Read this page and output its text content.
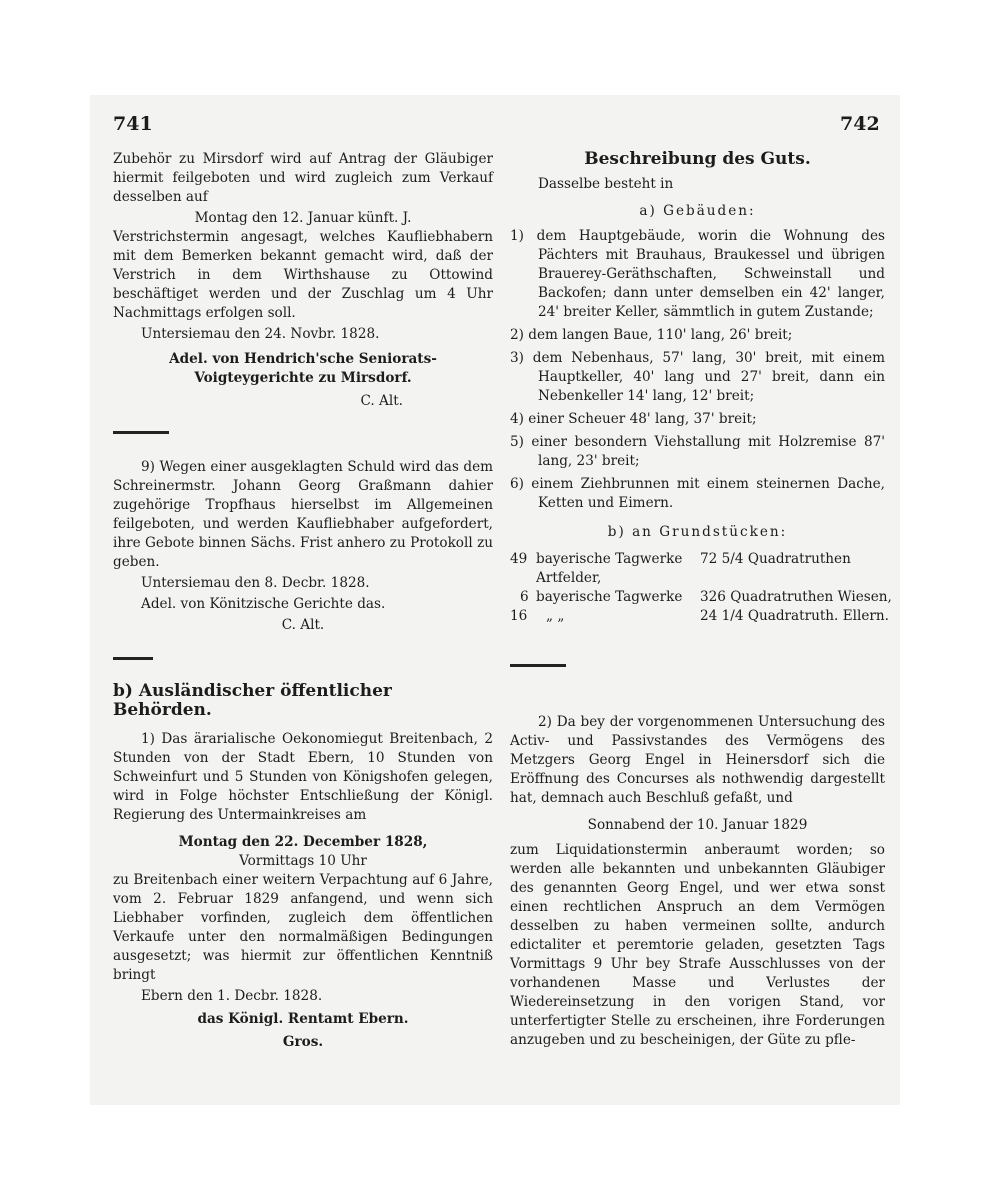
741	742

Zubehör zu Mirsdorf wird auf Antrag der Gläubiger hiermit feilgeboten und wird zugleich zum Verkauf desselben auf

Montag den 12. Januar künft. J.

Verstrichstermin angesagt, welches Kaufliebhabern mit dem Bemerken bekannt gemacht wird, daß der Verstrich in dem Wirthshause zu Ottowind beschäftiget werden und der Zuschlag um 4 Uhr Nachmittags erfolgen soll.

Untersiemau den 24. Novbr. 1828.

Adel. von Hendrich'sche Seniorats-Voigteygerichte zu Mirsdorf.

C. Alt.

9) Wegen einer ausgeklagten Schuld wird das dem Schreinermstr. Johann Georg Graßmann dahier zugehörige Tropfhaus hierselbst im Allgemeinen feilgeboten, und werden Kaufliebhaber aufgefordert, ihre Gebote binnen Sächs. Frist anhero zu Protokoll zu geben.

Untersiemau den 8. Decbr. 1828.

Adel. von Könitzische Gerichte das.

C. Alt.

b) Ausländischer öffentlicher Behörden.

1) Das ärarialische Oekonomiegut Breitenbach, 2 Stunden von der Stadt Ebern, 10 Stunden von Schweinfurt und 5 Stunden von Königshofen gelegen, wird in Folge höchster Entschließung der Königl. Regierung des Untermainkreises am

Montag den 22. December 1828,

Vormittags 10 Uhr

zu Breitenbach einer weitern Verpachtung auf 6 Jahre, vom 2. Februar 1829 anfangend, und wenn sich Liebhaber vorfinden, zugleich dem öffentlichen Verkaufe unter den normalmäßigen Bedingungen ausgesetzt; was hiermit zur öffentlichen Kenntniß bringt

Ebern den 1. Decbr. 1828.

das Königl. Rentamt Ebern.

Gros.

Beschreibung des Guts.

Dasselbe besteht in

a) Gebäuden:

1) dem Hauptgebäude, worin die Wohnung des Pächters mit Brauhaus, Braukessel und übrigen Brauerey-Geräthschaften, Schweinstall und Backofen; dann unter demselben ein 42' langer, 24' breiter Keller, sämmtlich in gutem Zustande;

2) dem langen Baue, 110' lang, 26' breit;

3) dem Nebenhaus, 57' lang, 30' breit, mit einem Hauptkeller, 40' lang und 27' breit, dann ein Nebenkeller 14' lang, 12' breit;

4) einer Scheuer 48' lang, 37' breit;

5) einer besondern Viehstallung mit Holzremise 87' lang, 23' breit;

6) einem Ziehbrunnen mit einem steinernen Dache, Ketten und Eimern.

b) an Grundstücken:

49 bayerische Tagwerke 72 5/4 Quadratruthen
Artfelder,
6 bayerische Tagwerke 326 Quadratruthen Wiesen,
16 „ „	24 1/4 Quadratruth. Ellern.

2) Da bey der vorgenommenen Untersuchung des Activ- und Passivstandes des Vermögens des Metzgers Georg Engel in Heinersdorf sich die Eröffnung des Concurses als nothwendig dargestellt hat, demnach auch Beschluß gefaßt, und

Sonnabend der 10. Januar 1829

zum Liquidationstermin anberaumt worden; so werden alle bekannten und unbekannten Gläubiger des genannten Georg Engel, und wer etwa sonst einen rechtlichen Anspruch an dem Vermögen desselben zu haben vermeinen sollte, andurch edictaliter et peremtorie geladen, gesetzten Tags Vormittags 9 Uhr bey Strafe Ausschlusses von der vorhandenen Masse und Verlustes der Wiedereinsetzung in den vorigen Stand, vor unterfertigter Stelle zu erscheinen, ihre Forderungen anzugeben und zu bescheinigen, der Güte zu pfle-
